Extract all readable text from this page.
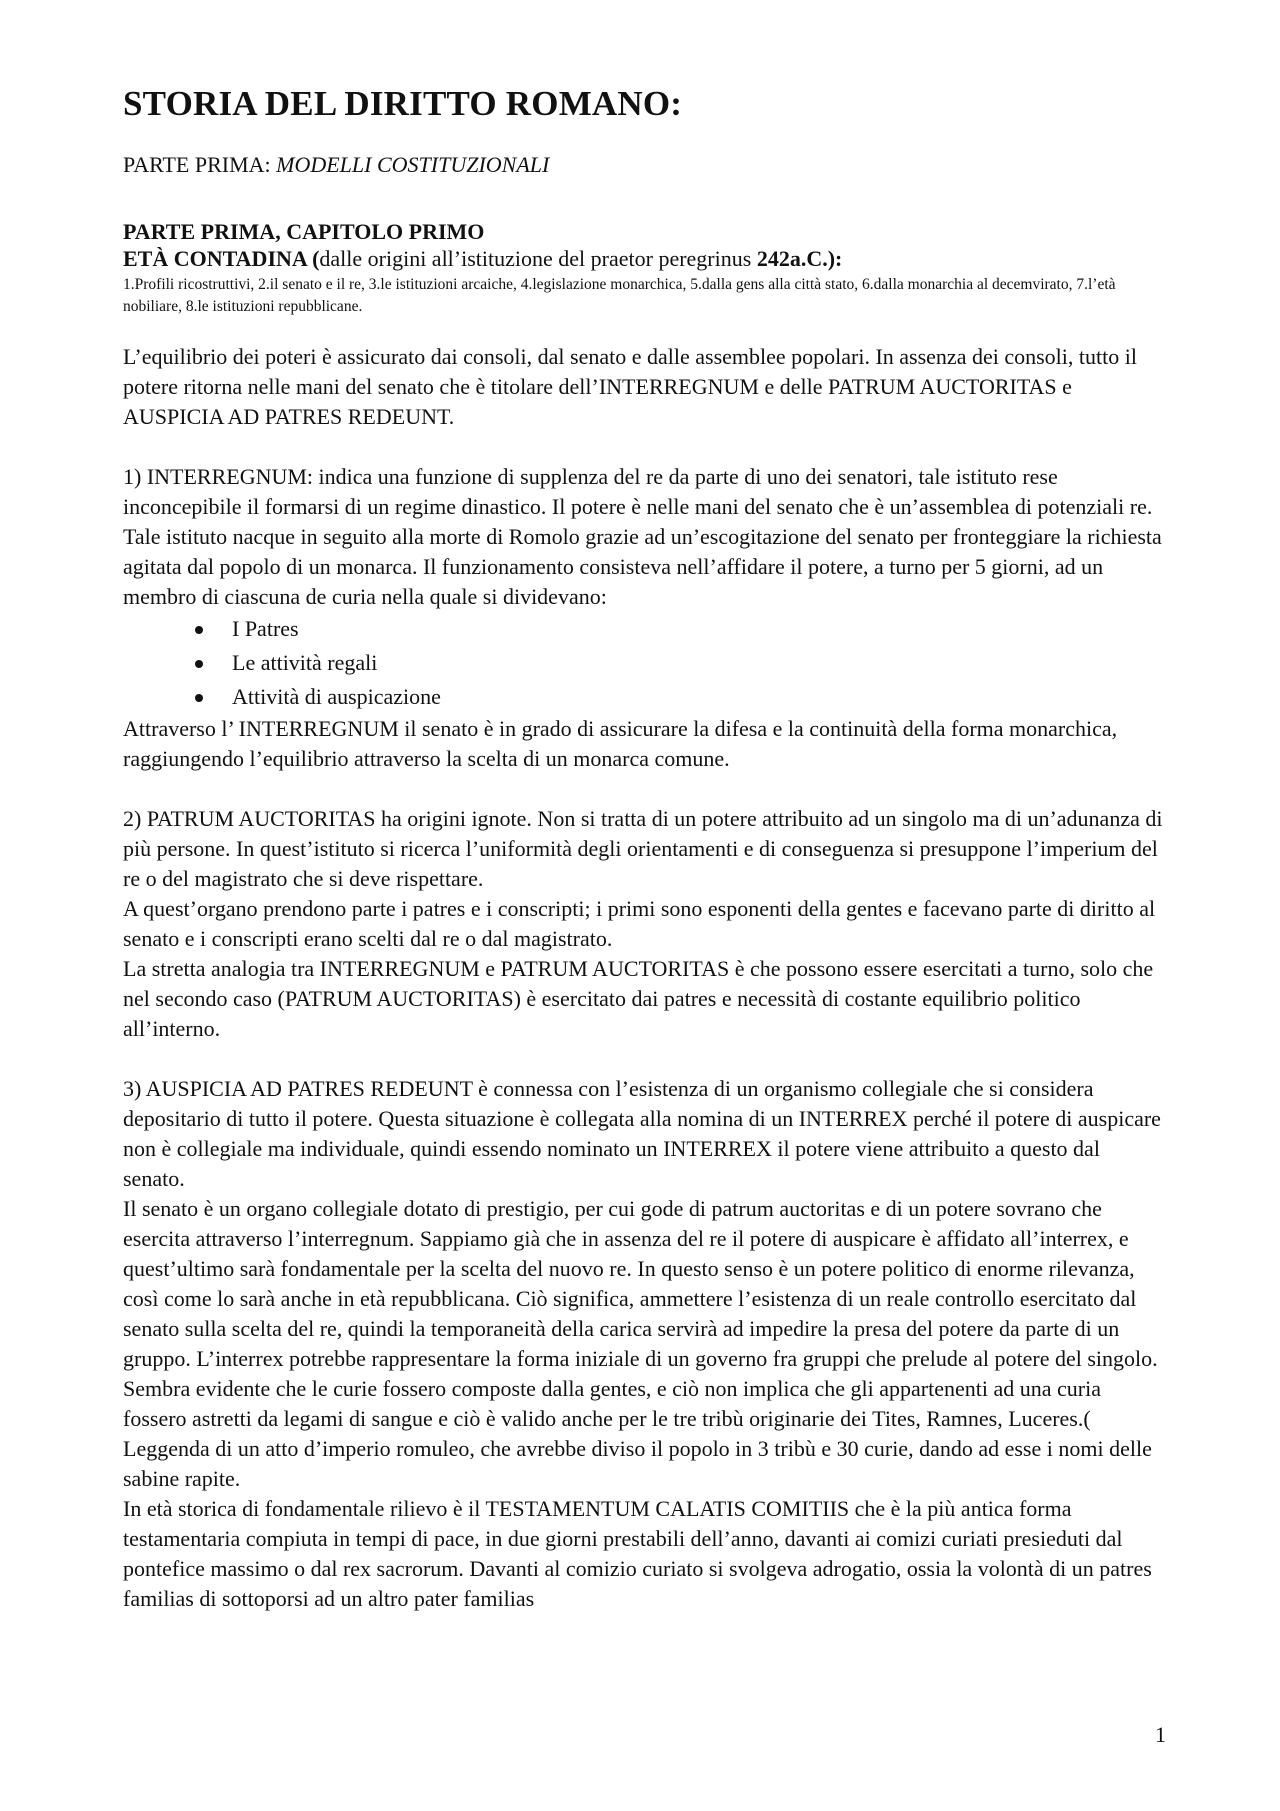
STORIA DEL DIRITTO ROMANO:

PARTE PRIMA: MODELLI COSTITUZIONALI

PARTE PRIMA, CAPITOLO PRIMO

ETÀ CONTADINA (dalle origini all’istituzione del praetor peregrinus 242a.C.):

1.Profili ricostruttivi, 2.il senato e il re, 3.le istituzioni arcaiche, 4.legislazione monarchica, 5.dalla gens alla città stato, 6.dalla monarchia al decemvirato, 7.l’età nobiliare, 8.le istituzioni repubblicane.

L’equilibrio dei poteri è assicurato dai consoli, dal senato e dalle assemblee popolari. In assenza dei consoli, tutto il potere ritorna nelle mani del senato che è titolare dell’INTERREGNUM e delle PATRUM AUCTORITAS e AUSPICIA AD PATRES REDEUNT.

1) INTERREGNUM: indica una funzione di supplenza del re da parte di uno dei senatori, tale istituto rese inconcepibile il formarsi di un regime dinastico. Il potere è nelle mani del senato che è un’assemblea di potenziali re. Tale istituto nacque in seguito alla morte di Romolo grazie ad un’escogitazione del senato per fronteggiare la richiesta agitata dal popolo di un monarca. Il funzionamento consisteva nell’affidare il potere, a turno per 5 giorni, ad un membro di ciascuna de curia nella quale si dividevano:

I Patres
Le attività regali
Attività di auspicazione

Attraverso l’ INTERREGNUM il senato è in grado di assicurare la difesa e la continuità della forma monarchica, raggiungendo l’equilibrio attraverso la scelta di un monarca comune.

2) PATRUM AUCTORITAS ha origini ignote. Non si tratta di un potere attribuito ad un singolo ma di un’adunanza di più persone. In quest’istituto si ricerca l’uniformità degli orientamenti e di conseguenza si presuppone l’imperium del re o del magistrato che si deve rispettare.

A quest’organo prendono parte i patres e i conscripti; i primi sono esponenti della gentes e facevano parte di diritto al senato e i conscripti erano scelti dal re o dal magistrato.

La stretta analogia tra INTERREGNUM e PATRUM AUCTORITAS è che possono essere esercitati a turno, solo che nel secondo caso (PATRUM AUCTORITAS) è esercitato dai patres e necessità di costante equilibrio politico all’interno.

3) AUSPICIA AD PATRES REDEUNT è connessa con l’esistenza di un organismo collegiale che si considera depositario di tutto il potere. Questa situazione è collegata alla nomina di un INTERREX perché il potere di auspicare non è collegiale ma individuale, quindi essendo nominato un INTERREX il potere viene attribuito a questo dal senato.

Il senato è un organo collegiale dotato di prestigio, per cui gode di patrum auctoritas e di un potere sovrano che esercita attraverso l’interregnum. Sappiamo già che in assenza del re il potere di auspicare è affidato all’interrex, e quest’ultimo sarà fondamentale per la scelta del nuovo re. In questo senso è un potere politico di enorme rilevanza, così come lo sarà anche in età repubblicana. Ciò significa, ammettere l’esistenza di un reale controllo esercitato dal senato sulla scelta del re, quindi la temporaneità della carica servirà ad impedire la presa del potere da parte di un gruppo. L’interrex potrebbe rappresentare la forma iniziale di un governo fra gruppi che prelude al potere del singolo. Sembra evidente che le curie fossero composte dalla gentes, e ciò non implica che gli appartenenti ad una curia fossero astretti da legami di sangue e ciò è valido anche per le tre tribù originarie dei Tites, Ramnes, Luceres.( Leggenda di un atto d’imperio romuleo, che avrebbe diviso il popolo in 3 tribù e 30 curie, dando ad esse i nomi delle sabine rapite.

In età storica di fondamentale rilievo è il TESTAMENTUM CALATIS COMITIIS che è la più antica forma testamentaria compiuta in tempi di pace, in due giorni prestabili dell’anno, davanti ai comizi curiati presieduti dal pontefice massimo o dal rex sacrorum. Davanti al comizio curiato si svolgeva adrogatio, ossia la volontà di un patres familias di sottoporsi ad un altro pater familias

1
